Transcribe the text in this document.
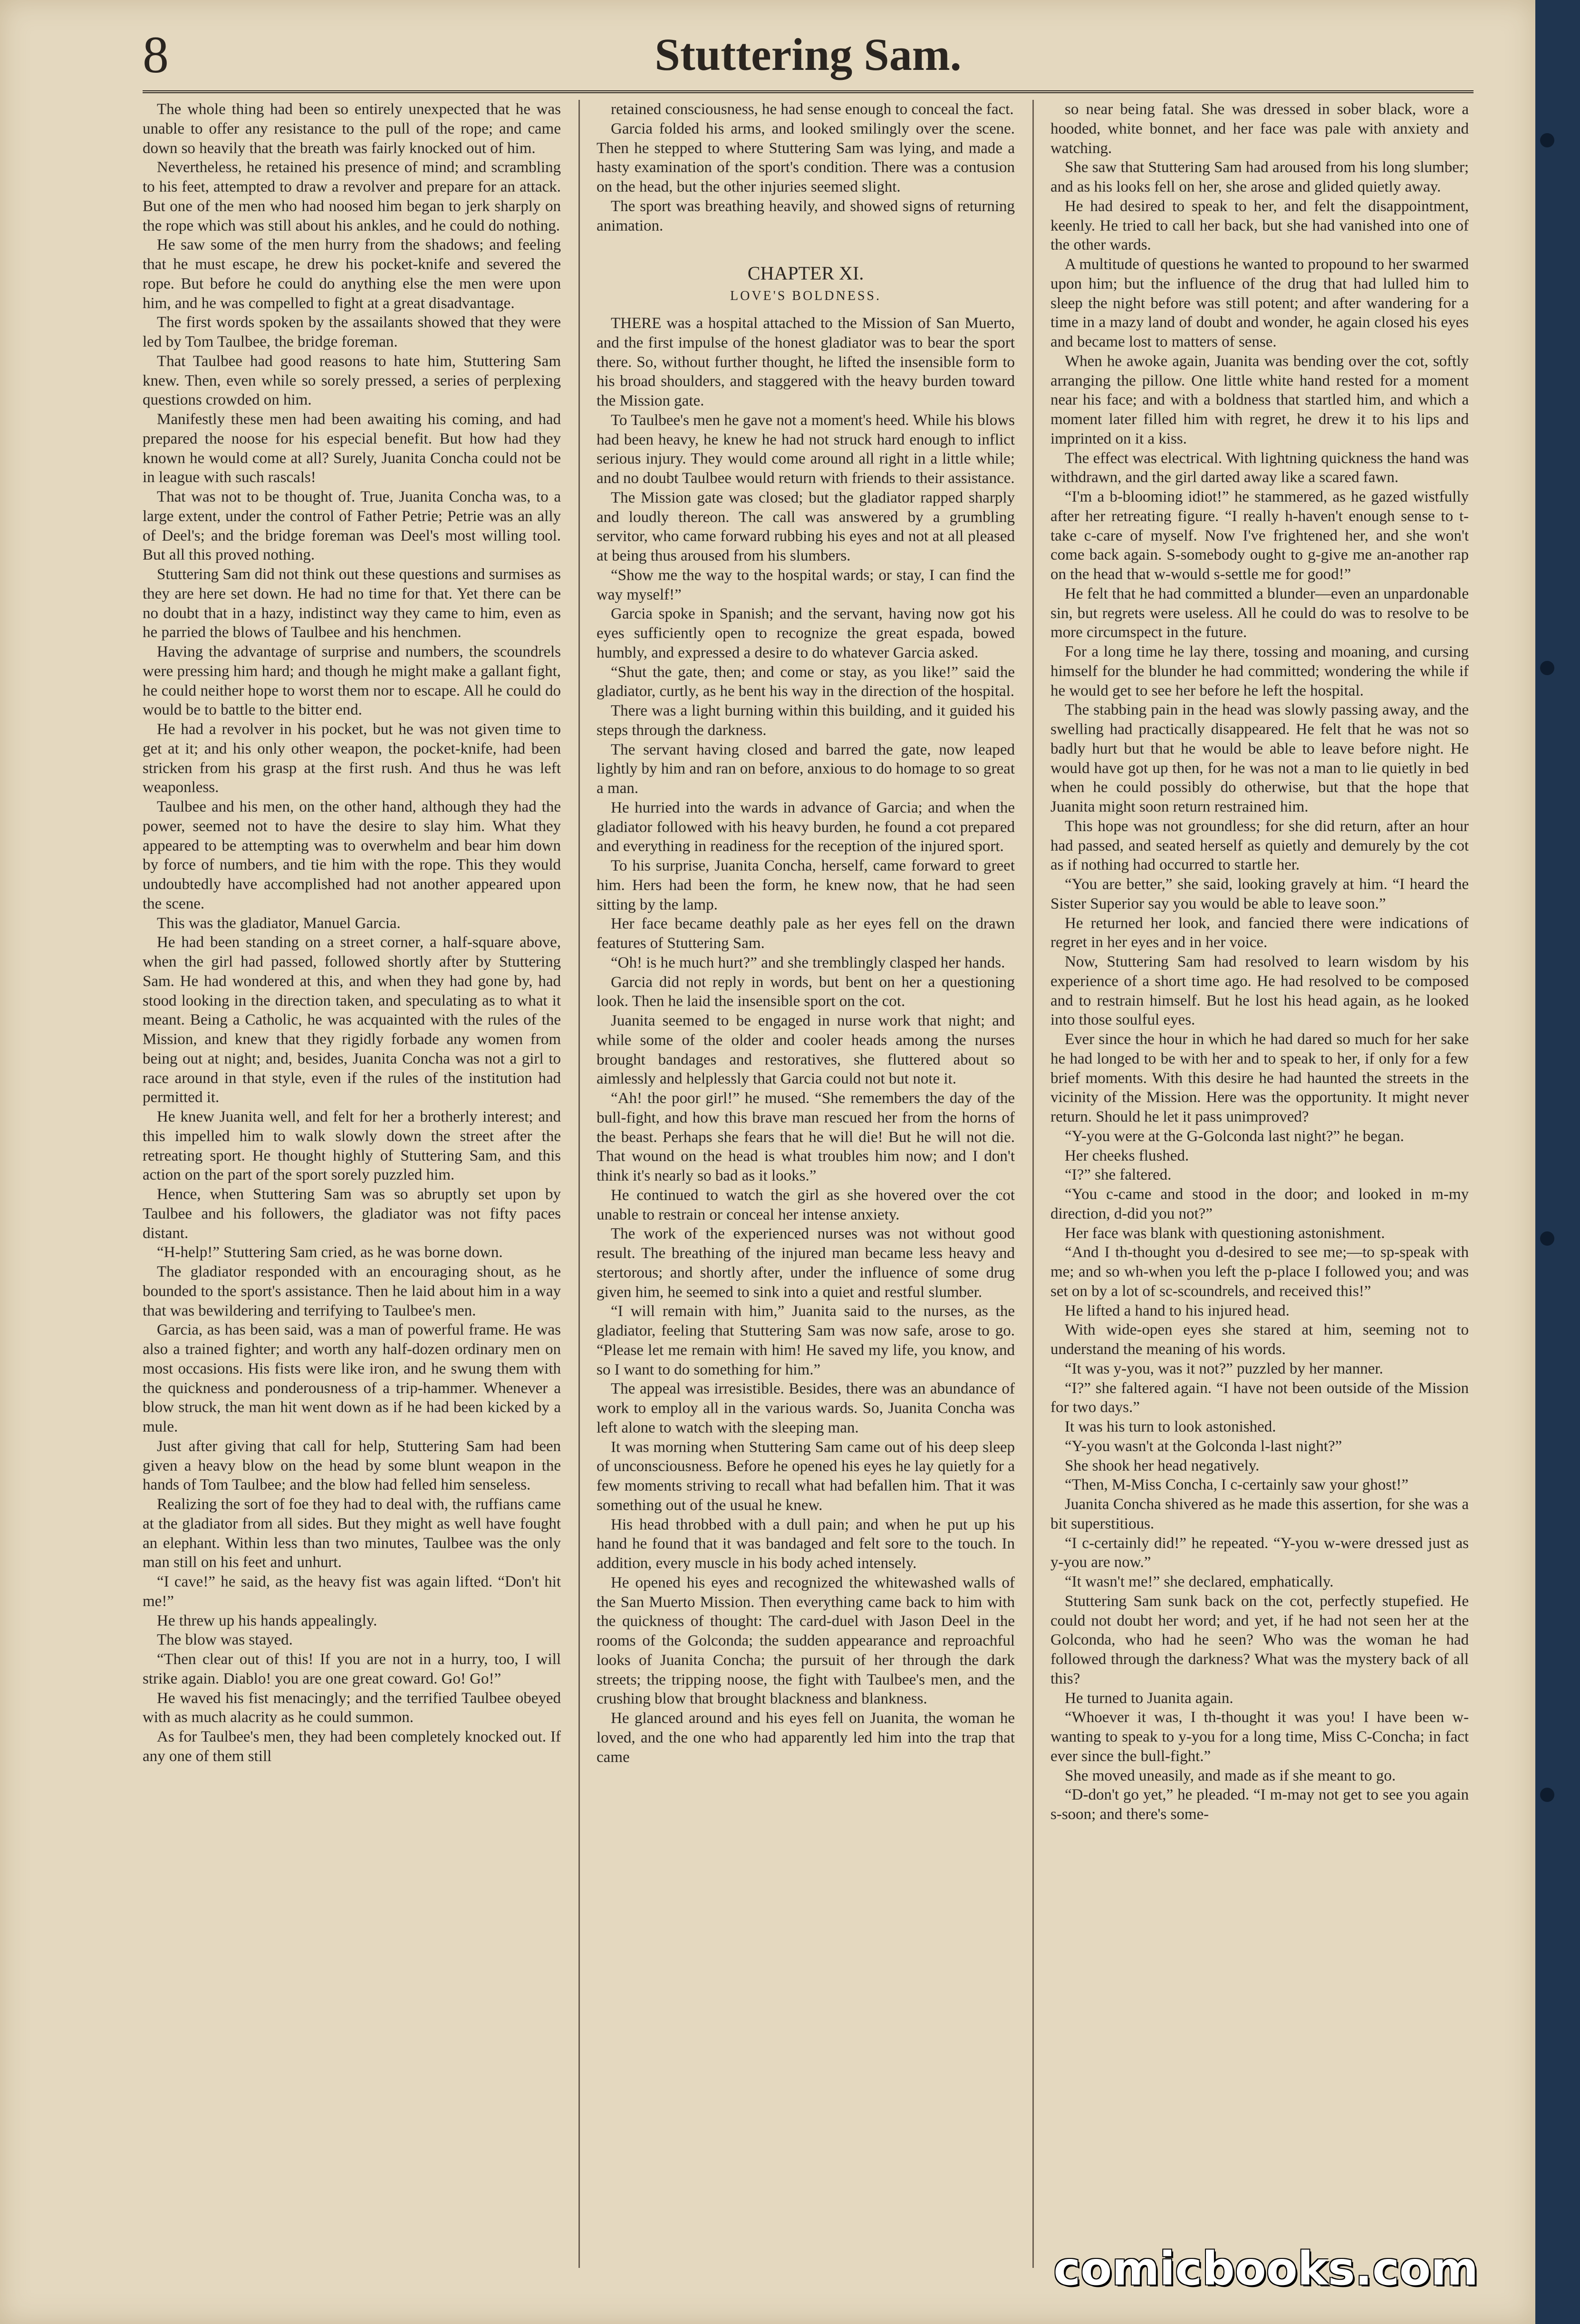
8	Stuttering Sam.

The whole thing had been so entirely unexpected that he was unable to offer any resistance to the pull of the rope; and came down so heavily that the breath was fairly knocked out of him.

Nevertheless, he retained his presence of mind; and scrambling to his feet, attempted to draw a revolver and prepare for an attack. But one of the men who had noosed him began to jerk sharply on the rope which was still about his ankles, and he could do nothing.

He saw some of the men hurry from the shadows; and feeling that he must escape, he drew his pocket-knife and severed the rope. But before he could do anything else the men were upon him, and he was compelled to fight at a great disadvantage.

The first words spoken by the assailants showed that they were led by Tom Taulbee, the bridge foreman.

That Taulbee had good reasons to hate him, Stuttering Sam knew. Then, even while so sorely pressed, a series of perplexing questions crowded on him.

Manifestly these men had been awaiting his coming, and had prepared the noose for his especial benefit. But how had they known he would come at all? Surely, Juanita Concha could not be in league with such rascals!

That was not to be thought of. True, Juanita Concha was, to a large extent, under the control of Father Petrie; Petrie was an ally of Deel's; and the bridge foreman was Deel's most willing tool. But all this proved nothing.

Stuttering Sam did not think out these questions and surmises as they are here set down. He had no time for that. Yet there can be no doubt that in a hazy, indistinct way they came to him, even as he parried the blows of Taulbee and his henchmen.

Having the advantage of surprise and numbers, the scoundrels were pressing him hard; and though he might make a gallant fight, he could neither hope to worst them nor to escape. All he could do would be to battle to the bitter end.

He had a revolver in his pocket, but he was not given time to get at it; and his only other weapon, the pocket-knife, had been stricken from his grasp at the first rush. And thus he was left weaponless.

Taulbee and his men, on the other hand, although they had the power, seemed not to have the desire to slay him. What they appeared to be attempting was to overwhelm and bear him down by force of numbers, and tie him with the rope. This they would undoubtedly have accomplished had not another appeared upon the scene.

This was the gladiator, Manuel Garcia.

He had been standing on a street corner, a half-square above, when the girl had passed, followed shortly after by Stuttering Sam. He had wondered at this, and when they had gone by, had stood looking in the direction taken, and speculating as to what it meant. Being a Catholic, he was acquainted with the rules of the Mission, and knew that they rigidly forbade any women from being out at night; and, besides, Juanita Concha was not a girl to race around in that style, even if the rules of the institution had permitted it.

He knew Juanita well, and felt for her a brotherly interest; and this impelled him to walk slowly down the street after the retreating sport. He thought highly of Stuttering Sam, and this action on the part of the sport sorely puzzled him.

Hence, when Stuttering Sam was so abruptly set upon by Taulbee and his followers, the gladiator was not fifty paces distant.

“H-help!” Stuttering Sam cried, as he was borne down.

The gladiator responded with an encouraging shout, as he bounded to the sport's assistance. Then he laid about him in a way that was bewildering and terrifying to Taulbee's men.

Garcia, as has been said, was a man of powerful frame. He was also a trained fighter; and worth any half-dozen ordinary men on most occasions. His fists were like iron, and he swung them with the quickness and ponderousness of a trip-hammer. Whenever a blow struck, the man hit went down as if he had been kicked by a mule.

Just after giving that call for help, Stuttering Sam had been given a heavy blow on the head by some blunt weapon in the hands of Tom Taulbee; and the blow had felled him senseless.

Realizing the sort of foe they had to deal with, the ruffians came at the gladiator from all sides. But they might as well have fought an elephant. Within less than two minutes, Taulbee was the only man still on his feet and unhurt.

“I cave!” he said, as the heavy fist was again lifted. “Don't hit me!”

He threw up his hands appealingly.

The blow was stayed.

“Then clear out of this! If you are not in a hurry, too, I will strike again. Diablo! you are one great coward. Go! Go!”

He waved his fist menacingly; and the terrified Taulbee obeyed with as much alacrity as he could summon.

As for Taulbee's men, they had been completely knocked out. If any one of them still

retained consciousness, he had sense enough to conceal the fact.

Garcia folded his arms, and looked smilingly over the scene. Then he stepped to where Stuttering Sam was lying, and made a hasty examination of the sport's condition. There was a contusion on the head, but the other injuries seemed slight.

The sport was breathing heavily, and showed signs of returning animation.

CHAPTER XI.
LOVE'S BOLDNESS.

THERE was a hospital attached to the Mission of San Muerto, and the first impulse of the honest gladiator was to bear the sport there. So, without further thought, he lifted the insensible form to his broad shoulders, and staggered with the heavy burden toward the Mission gate.

To Taulbee's men he gave not a moment's heed. While his blows had been heavy, he knew he had not struck hard enough to inflict serious injury. They would come around all right in a little while; and no doubt Taulbee would return with friends to their assistance.

The Mission gate was closed; but the gladiator rapped sharply and loudly thereon. The call was answered by a grumbling servitor, who came forward rubbing his eyes and not at all pleased at being thus aroused from his slumbers.

“Show me the way to the hospital wards; or stay, I can find the way myself!”

Garcia spoke in Spanish; and the servant, having now got his eyes sufficiently open to recognize the great espada, bowed humbly, and expressed a desire to do whatever Garcia asked.

“Shut the gate, then; and come or stay, as you like!” said the gladiator, curtly, as he bent his way in the direction of the hospital.

There was a light burning within this building, and it guided his steps through the darkness.

The servant having closed and barred the gate, now leaped lightly by him and ran on before, anxious to do homage to so great a man.

He hurried into the wards in advance of Garcia; and when the gladiator followed with his heavy burden, he found a cot prepared and everything in readiness for the reception of the injured sport.

To his surprise, Juanita Concha, herself, came forward to greet him. Hers had been the form, he knew now, that he had seen sitting by the lamp.

Her face became deathly pale as her eyes fell on the drawn features of Stuttering Sam.

“Oh! is he much hurt?” and she tremblingly clasped her hands.

Garcia did not reply in words, but bent on her a questioning look. Then he laid the insensible sport on the cot.

Juanita seemed to be engaged in nurse work that night; and while some of the older and cooler heads among the nurses brought bandages and restoratives, she fluttered about so aimlessly and helplessly that Garcia could not but note it.

“Ah! the poor girl!” he mused. “She remembers the day of the bull-fight, and how this brave man rescued her from the horns of the beast. Perhaps she fears that he will die! But he will not die. That wound on the head is what troubles him now; and I don't think it's nearly so bad as it looks.”

He continued to watch the girl as she hovered over the cot unable to restrain or conceal her intense anxiety.

The work of the experienced nurses was not without good result. The breathing of the injured man became less heavy and stertorous; and shortly after, under the influence of some drug given him, he seemed to sink into a quiet and restful slumber.

“I will remain with him,” Juanita said to the nurses, as the gladiator, feeling that Stuttering Sam was now safe, arose to go. “Please let me remain with him! He saved my life, you know, and so I want to do something for him.”

The appeal was irresistible. Besides, there was an abundance of work to employ all in the various wards. So, Juanita Concha was left alone to watch with the sleeping man.

It was morning when Stuttering Sam came out of his deep sleep of unconsciousness. Before he opened his eyes he lay quietly for a few moments striving to recall what had befallen him. That it was something out of the usual he knew.

His head throbbed with a dull pain; and when he put up his hand he found that it was bandaged and felt sore to the touch. In addition, every muscle in his body ached intensely.

He opened his eyes and recognized the whitewashed walls of the San Muerto Mission. Then everything came back to him with the quickness of thought: The card-duel with Jason Deel in the rooms of the Golconda; the sudden appearance and reproachful looks of Juanita Concha; the pursuit of her through the dark streets; the tripping noose, the fight with Taulbee's men, and the crushing blow that brought blackness and blankness.

He glanced around and his eyes fell on Juanita, the woman he loved, and the one who had apparently led him into the trap that came

so near being fatal. She was dressed in sober black, wore a hooded, white bonnet, and her face was pale with anxiety and watching.

She saw that Stuttering Sam had aroused from his long slumber; and as his looks fell on her, she arose and glided quietly away.

He had desired to speak to her, and felt the disappointment, keenly. He tried to call her back, but she had vanished into one of the other wards.

A multitude of questions he wanted to propound to her swarmed upon him; but the influence of the drug that had lulled him to sleep the night before was still potent; and after wandering for a time in a mazy land of doubt and wonder, he again closed his eyes and became lost to matters of sense.

When he awoke again, Juanita was bending over the cot, softly arranging the pillow. One little white hand rested for a moment near his face; and with a boldness that startled him, and which a moment later filled him with regret, he drew it to his lips and imprinted on it a kiss.

The effect was electrical. With lightning quickness the hand was withdrawn, and the girl darted away like a scared fawn.

“I'm a b-blooming idiot!” he stammered, as he gazed wistfully after her retreating figure. “I really h-haven't enough sense to t-take c-care of myself. Now I've frightened her, and she won't come back again. S-somebody ought to g-give me an-another rap on the head that w-would s-settle me for good!”

He felt that he had committed a blunder—even an unpardonable sin, but regrets were useless. All he could do was to resolve to be more circumspect in the future.

For a long time he lay there, tossing and moaning, and cursing himself for the blunder he had committed; wondering the while if he would get to see her before he left the hospital.

The stabbing pain in the head was slowly passing away, and the swelling had practically disappeared. He felt that he was not so badly hurt but that he would be able to leave before night. He would have got up then, for he was not a man to lie quietly in bed when he could possibly do otherwise, but that the hope that Juanita might soon return restrained him.

This hope was not groundless; for she did return, after an hour had passed, and seated herself as quietly and demurely by the cot as if nothing had occurred to startle her.

“You are better,” she said, looking gravely at him. “I heard the Sister Superior say you would be able to leave soon.”

He returned her look, and fancied there were indications of regret in her eyes and in her voice.

Now, Stuttering Sam had resolved to learn wisdom by his experience of a short time ago. He had resolved to be composed and to restrain himself. But he lost his head again, as he looked into those soulful eyes.

Ever since the hour in which he had dared so much for her sake he had longed to be with her and to speak to her, if only for a few brief moments. With this desire he had haunted the streets in the vicinity of the Mission. Here was the opportunity. It might never return. Should he let it pass unimproved?

“Y-you were at the G-Golconda last night?” he began.

Her cheeks flushed.

“I?” she faltered.

“You c-came and stood in the door; and looked in m-my direction, d-did you not?”

Her face was blank with questioning astonishment.

“And I th-thought you d-desired to see me;—to sp-speak with me; and so wh-when you left the p-place I followed you; and was set on by a lot of sc-scoundrels, and received this!”

He lifted a hand to his injured head.

With wide-open eyes she stared at him, seeming not to understand the meaning of his words.

“It was y-you, was it not?” puzzled by her manner.

“I?” she faltered again. “I have not been outside of the Mission for two days.”

It was his turn to look astonished.

“Y-you wasn't at the Golconda l-last night?”

She shook her head negatively.

“Then, M-Miss Concha, I c-certainly saw your ghost!”

Juanita Concha shivered as he made this assertion, for she was a bit superstitious.

“I c-certainly did!” he repeated. “Y-you w-were dressed just as y-you are now.”

“It wasn't me!” she declared, emphatically.

Stuttering Sam sunk back on the cot, perfectly stupefied. He could not doubt her word; and yet, if he had not seen her at the Golconda, who had he seen? Who was the woman he had followed through the darkness? What was the mystery back of all this?

He turned to Juanita again.

“Whoever it was, I th-thought it was you! I have been w-wanting to speak to y-you for a long time, Miss C-Concha; in fact ever since the bull-fight.”

She moved uneasily, and made as if she meant to go.

“D-don't go yet,” he pleaded. “I m-may not get to see you again s-soon; and there's some-

comicbooks.com
